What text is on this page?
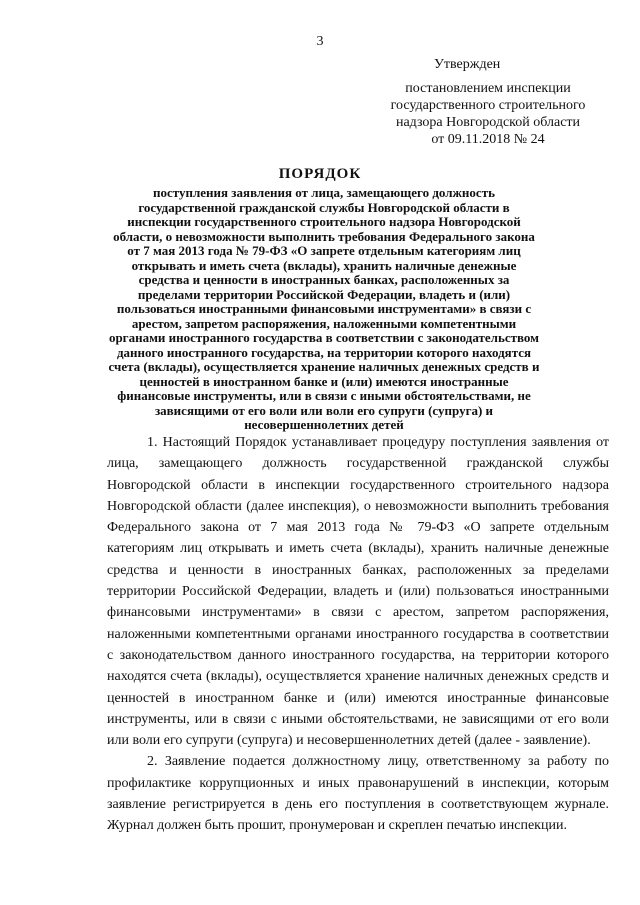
3
Утвержден
постановлением инспекции
государственного строительного
надзора Новгородской области
от 09.11.2018 № 24
ПОРЯДОК
поступления заявления от лица, замещающего должность
государственной гражданской службы Новгородской области в
инспекции государственного строительного надзора Новгородской
области, о невозможности выполнить требования Федерального закона
от 7 мая 2013 года № 79-ФЗ «О запрете отдельным категориям лиц
открывать и иметь счета (вклады), хранить наличные денежные
средства и ценности в иностранных банках, расположенных за
пределами территории Российской Федерации, владеть и (или)
пользоваться иностранными финансовыми инструментами» в связи с
арестом, запретом распоряжения, наложенными компетентными
органами иностранного государства в соответствии с законодательством
данного иностранного государства, на территории которого находятся
счета (вклады), осуществляется хранение наличных денежных средств и
ценностей в иностранном банке и (или) имеются иностранные
финансовые инструменты, или в связи с иными обстоятельствами, не
зависящими от его воли или воли его супруги (супруга) и
несовершеннолетних детей

1. Настоящий Порядок устанавливает процедуру поступления заявления от лица, замещающего должность государственной гражданской службы Новгородской области в инспекции государственного строительного надзора Новгородской области (далее инспекция), о невозможности выполнить требования Федерального закона от 7 мая 2013 года № 79-ФЗ «О запрете отдельным категориям лиц открывать и иметь счета (вклады), хранить наличные денежные средства и ценности в иностранных банках, расположенных за пределами территории Российской Федерации, владеть и (или) пользоваться иностранными финансовыми инструментами» в связи с арестом, запретом распоряжения, наложенными компетентными органами иностранного государства в соответствии с законодательством данного иностранного государства, на территории которого находятся счета (вклады), осуществляется хранение наличных денежных средств и ценностей в иностранном банке и (или) имеются иностранные финансовые инструменты, или в связи с иными обстоятельствами, не зависящими от его воли или воли его супруги (супруга) и несовершеннолетних детей (далее - заявление).

2. Заявление подается должностному лицу, ответственному за работу по профилактике коррупционных и иных правонарушений в инспекции, которым заявление регистрируется в день его поступления в соответствующем журнале. Журнал должен быть прошит, пронумерован и скреплен печатью инспекции.
